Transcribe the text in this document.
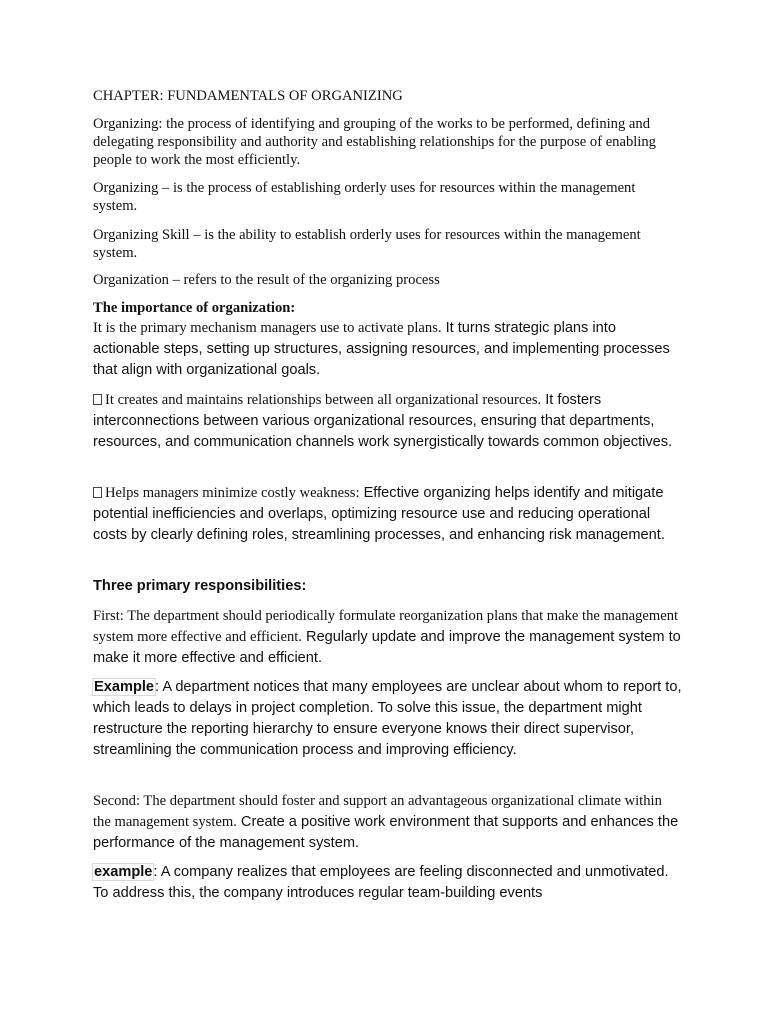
CHAPTER: FUNDAMENTALS OF ORGANIZING

Organizing: the process of identifying and grouping of the works to be performed, defining and delegating responsibility and authority and establishing relationships for the purpose of enabling people to work the most efficiently.

Organizing – is the process of establishing orderly uses for resources within the management system.

Organizing Skill – is the ability to establish orderly uses for resources within the management system.

Organization – refers to the result of the organizing process

The importance of organization:

It is the primary mechanism managers use to activate plans. It turns strategic plans into actionable steps, setting up structures, assigning resources, and implementing processes that align with organizational goals.

It creates and maintains relationships between all organizational resources. It fosters interconnections between various organizational resources, ensuring that departments, resources, and communication channels work synergistically towards common objectives.

Helps managers minimize costly weakness: Effective organizing helps identify and mitigate potential inefficiencies and overlaps, optimizing resource use and reducing operational costs by clearly defining roles, streamlining processes, and enhancing risk management.

Three primary responsibilities:

First: The department should periodically formulate reorganization plans that make the management system more effective and efficient. Regularly update and improve the management system to make it more effective and efficient.

Example: A department notices that many employees are unclear about whom to report to, which leads to delays in project completion. To solve this issue, the department might restructure the reporting hierarchy to ensure everyone knows their direct supervisor, streamlining the communication process and improving efficiency.

Second: The department should foster and support an advantageous organizational climate within the management system. Create a positive work environment that supports and enhances the performance of the management system.

example: A company realizes that employees are feeling disconnected and unmotivated. To address this, the company introduces regular team-building events
